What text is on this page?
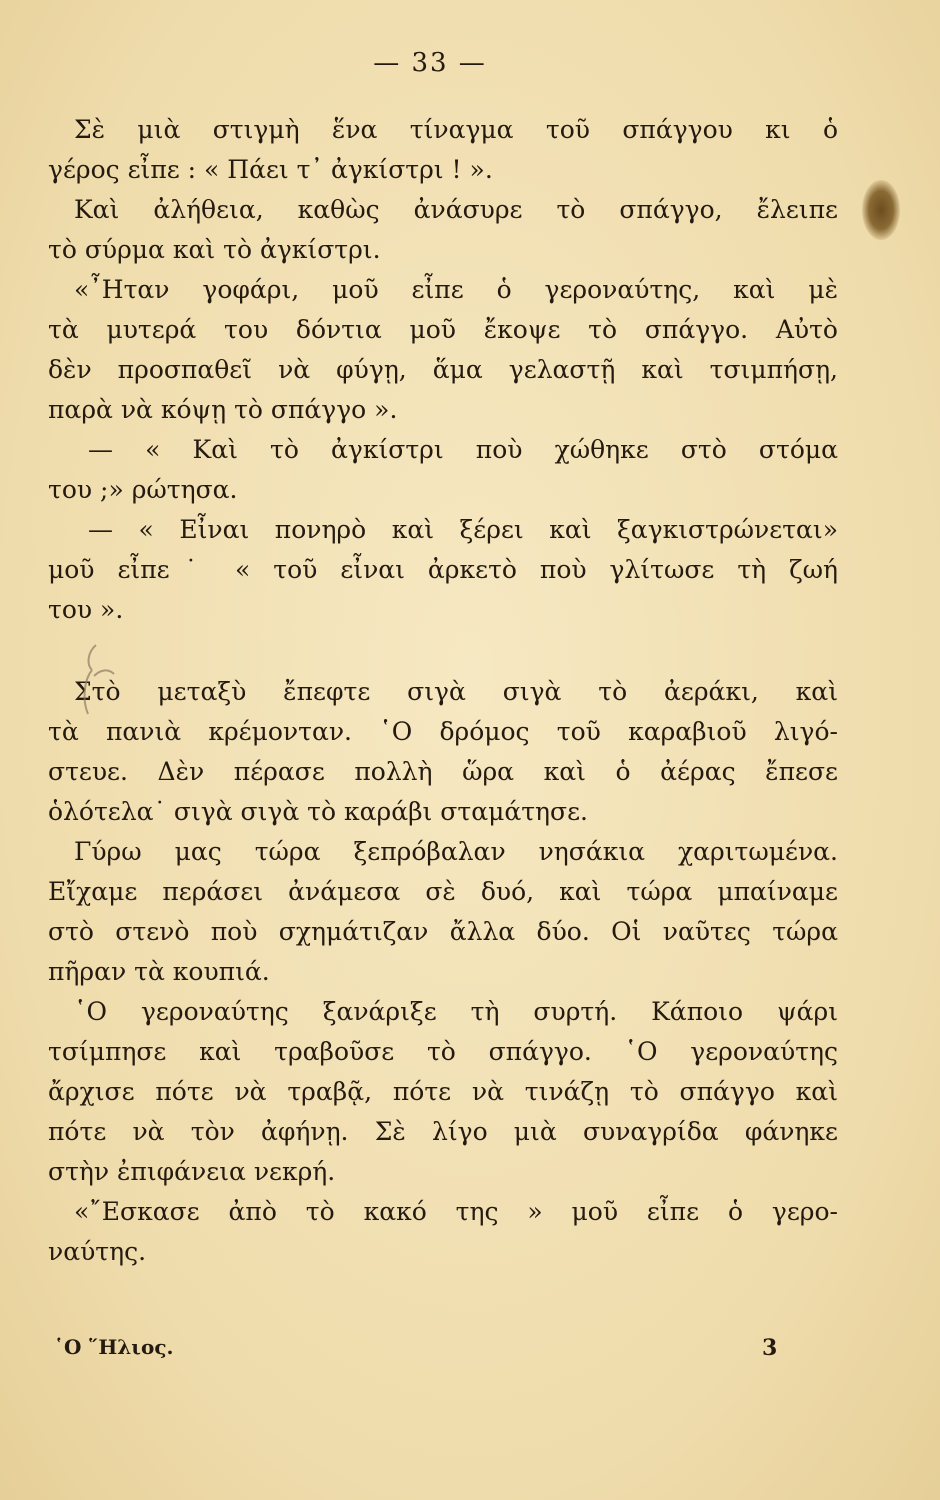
— 33 —
Σὲ μιὰ στιγμὴ ἕνα τίναγμα τοῦ σπάγγου κι ὁ
γέρος εἶπε : « Πάει τ᾽ ἀγκίστρι ! ».
Καὶ ἀλήθεια, καθὼς ἀνάσυρε τὸ σπάγγο, ἔλειπε
τὸ σύρμα καὶ τὸ ἀγκίστρι.
«῏Ηταν γοφάρι, μοῦ εἶπε ὁ γεροναύτης, καὶ μὲ
τὰ μυτερά του δόντια μοῦ ἔκοψε τὸ σπάγγο. Αὐτὸ
δὲν προσπαθεῖ νὰ φύγῃ, ἅμα γελαστῇ καὶ τσιμπήσῃ,
παρὰ νὰ κόψῃ τὸ σπάγγο ».
— « Καὶ τὸ ἀγκίστρι ποὺ χώθηκε στὸ στόμα
του ;» ρώτησα.
— « Εἶναι πονηρὸ καὶ ξέρει καὶ ξαγκιστρώνεται»
μοῦ εἶπε˙ « τοῦ εἶναι ἀρκετὸ ποὺ γλίτωσε τὴ ζωή
του ».
Στὸ μεταξὺ ἔπεφτε σιγὰ σιγὰ τὸ ἀεράκι, καὶ
τὰ πανιὰ κρέμονταν. ῾Ο δρόμος τοῦ καραβιοῦ λιγό-
στευε. Δὲν πέρασε πολλὴ ὥρα καὶ ὁ ἀέρας ἔπεσε
ὁλότελα˙ σιγὰ σιγὰ τὸ καράβι σταμάτησε.
Γύρω μας τώρα ξεπρόβαλαν νησάκια χαριτωμένα.
Εἴχαμε περάσει ἀνάμεσα σὲ δυό, καὶ τώρα μπαίναμε
στὸ στενὸ ποὺ σχημάτιζαν ἄλλα δύο. Οἱ ναῦτες τώρα
πῆραν τὰ κουπιά.
῾Ο γεροναύτης ξανάριξε τὴ συρτή. Κάποιο ψάρι
τσίμπησε καὶ τραβοῦσε τὸ σπάγγο. ῾Ο γεροναύτης
ἄρχισε πότε νὰ τραβᾷ, πότε νὰ τινάζῃ τὸ σπάγγο καὶ
πότε νὰ τὸν ἀφήνῃ. Σὲ λίγο μιὰ συναγρίδα φάνηκε
στὴν ἐπιφάνεια νεκρή.
«῎Εσκασε ἀπὸ τὸ κακό της » μοῦ εἶπε ὁ γερο-
ναύτης.
῾Ο ῞Ηλιος.	3
